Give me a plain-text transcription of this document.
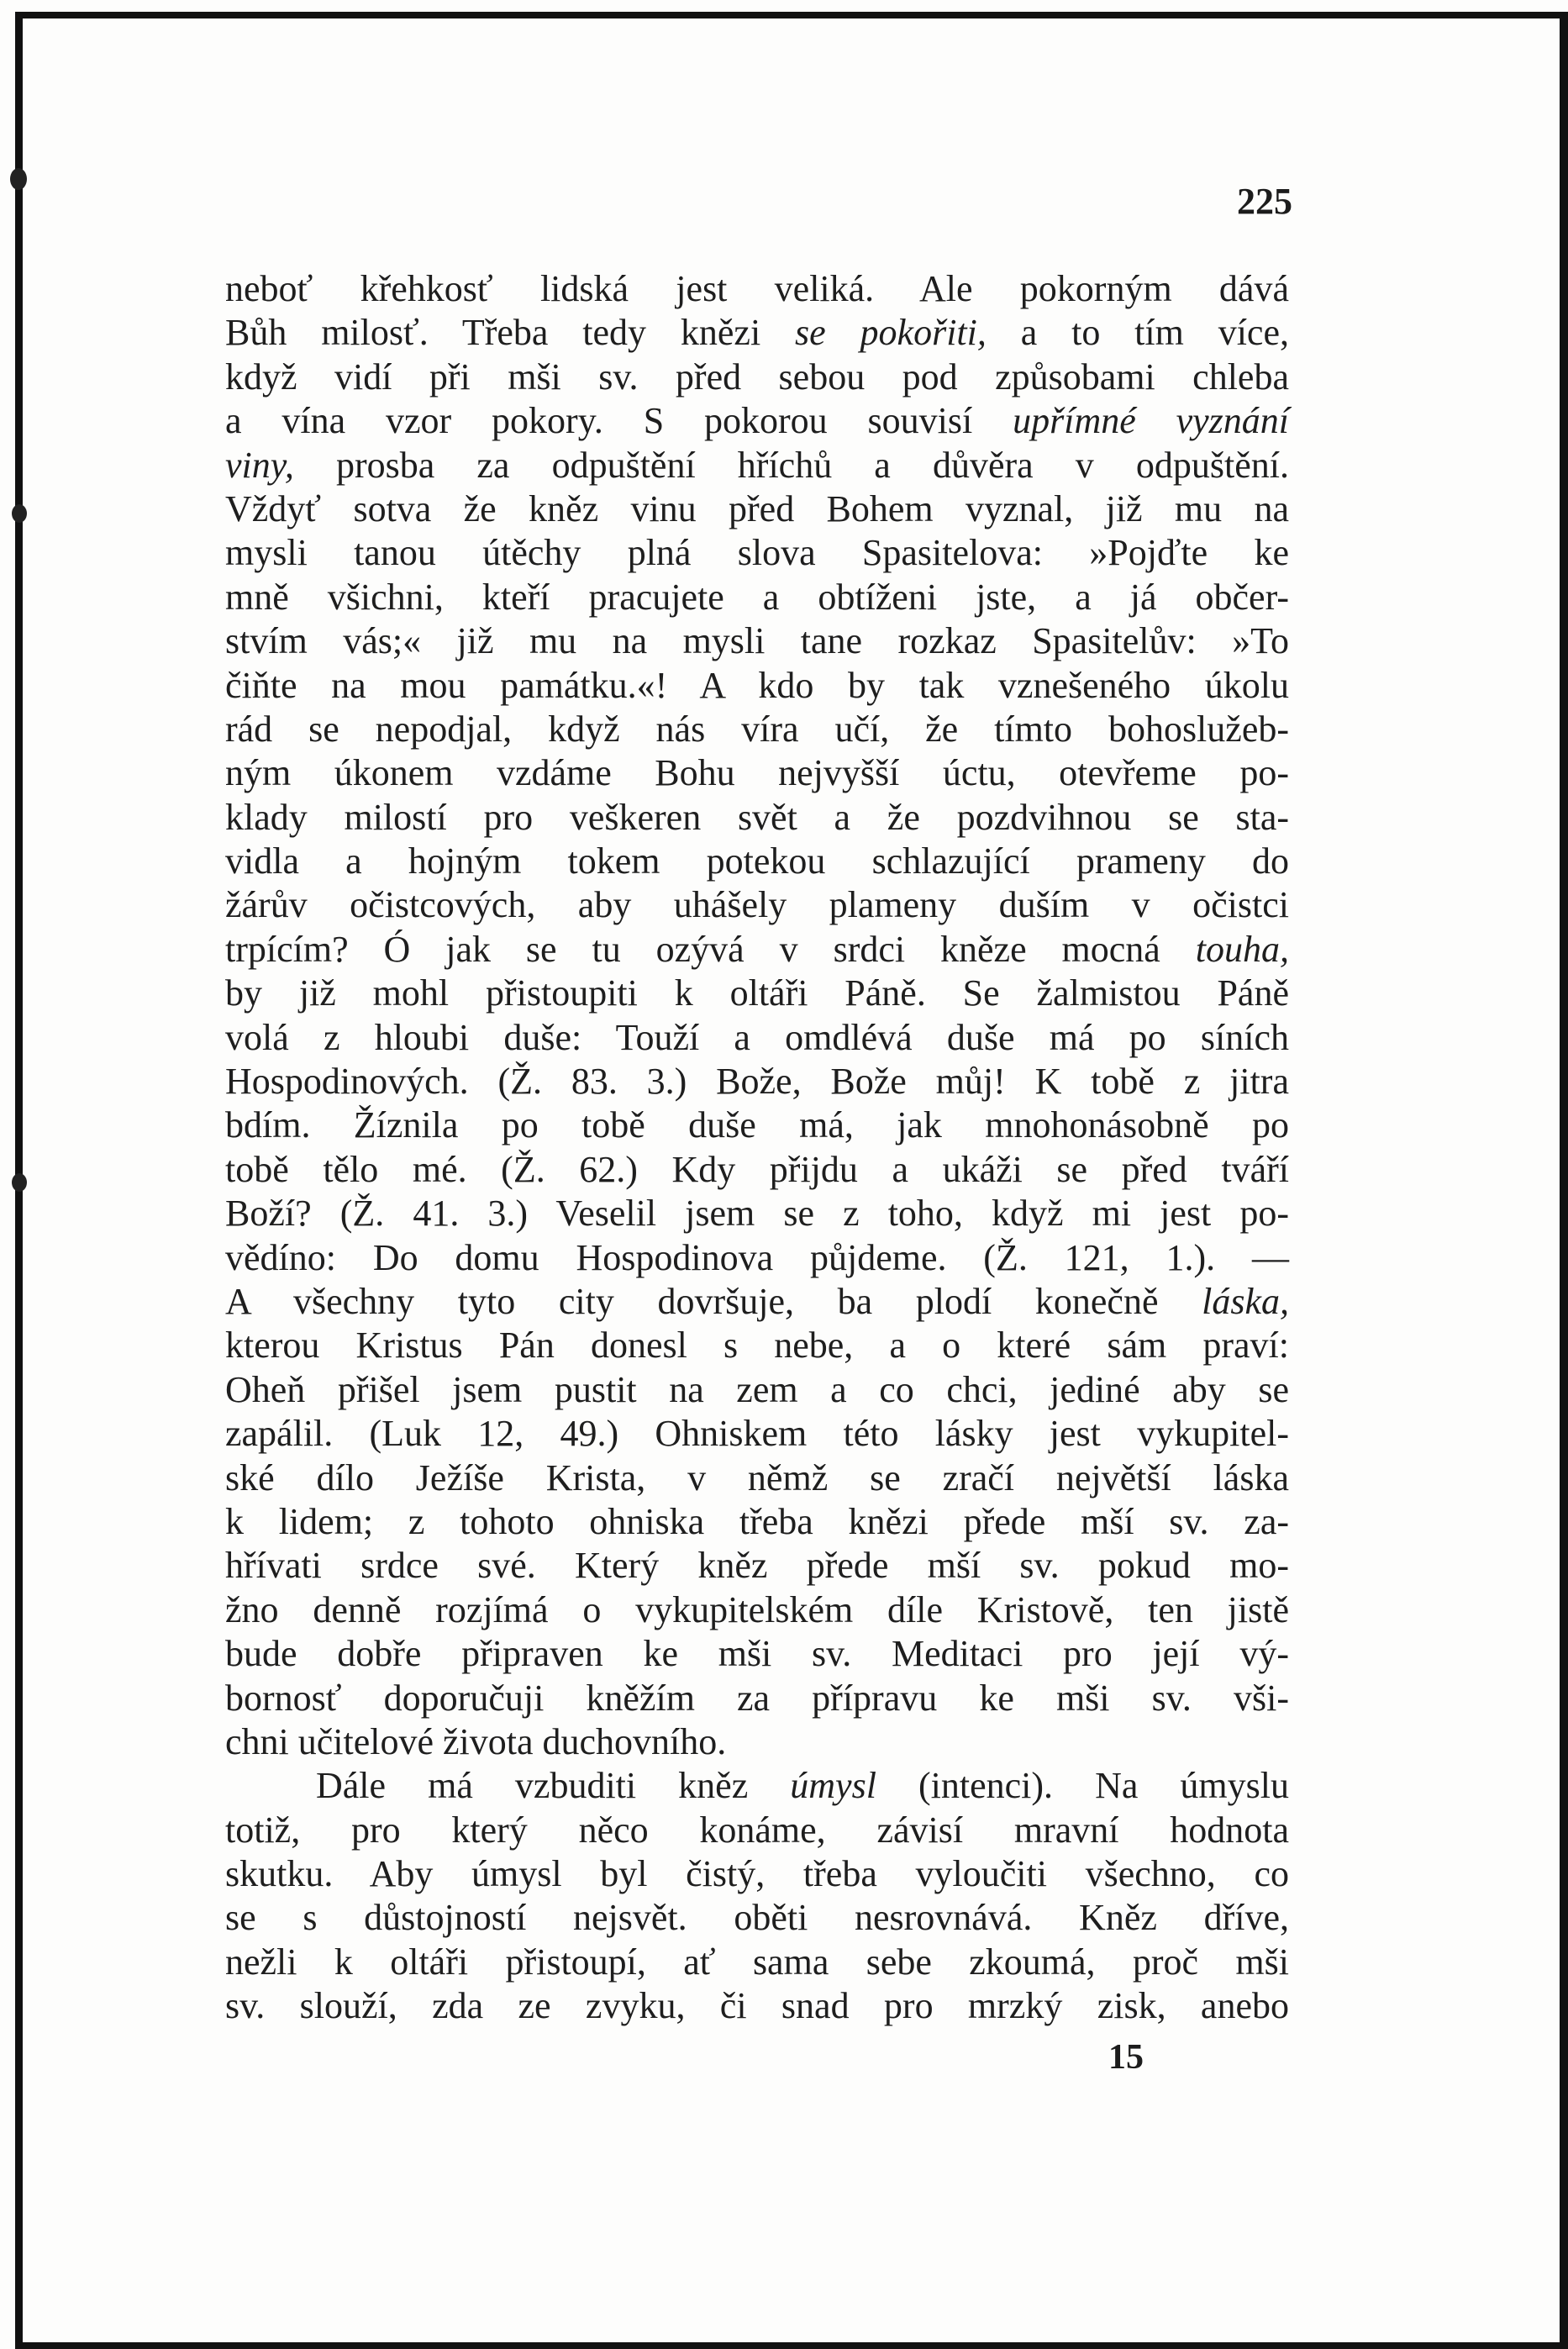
225
neboť křehkosť lidská jest veliká. Ale pokorným dává
Bůh milosť. Třeba tedy knězi se pokořiti, a to tím více,
když vidí při mši sv. před sebou pod způsobami chleba
a vína vzor pokory. S pokorou souvisí upřímné vyznání
viny, prosba za odpuštění hříchů a důvěra v odpuštění.
Vždyť sotva že kněz vinu před Bohem vyznal, již mu na
mysli tanou útěchy plná slova Spasitelova: »Pojďte ke
mně všichni, kteří pracujete a obtíženi jste, a já občer-
stvím vás;« již mu na mysli tane rozkaz Spasitelův: »To
čiňte na mou památku.«! A kdo by tak vznešeného úkolu
rád se nepodjal, když nás víra učí, že tímto bohoslužeb-
ným úkonem vzdáme Bohu nejvyšší úctu, otevřeme po-
klady milostí pro veškeren svět a že pozdvihnou se sta-
vidla a hojným tokem potekou schlazující prameny do
žárův očistcových, aby uhášely plameny duším v očistci
trpícím? Ó jak se tu ozývá v srdci kněze mocná touha,
by již mohl přistoupiti k oltáři Páně. Se žalmistou Páně
volá z hloubi duše: Touží a omdlévá duše má po síních
Hospodinových. (Ž. 83. 3.) Bože, Bože můj! K tobě z jitra
bdím. Žíznila po tobě duše má, jak mnohonásobně po
tobě tělo mé. (Ž. 62.) Kdy přijdu a ukáži se před tváří
Boží? (Ž. 41. 3.) Veselil jsem se z toho, když mi jest po-
vědíno: Do domu Hospodinova půjdeme. (Ž. 121, 1.). —
A všechny tyto city dovršuje, ba plodí konečně láska,
kterou Kristus Pán donesl s nebe, a o které sám praví:
Oheň přišel jsem pustit na zem a co chci, jediné aby se
zapálil. (Luk 12, 49.) Ohniskem této lásky jest vykupitel-
ské dílo Ježíše Krista, v němž se zračí největší láska
k lidem; z tohoto ohniska třeba knězi přede mší sv. za-
hřívati srdce své. Který kněz přede mší sv. pokud mo-
žno denně rozjímá o vykupitelském díle Kristově, ten jistě
bude dobře připraven ke mši sv. Meditaci pro její vý-
bornosť doporučuji kněžím za přípravu ke mši sv. vši-
chni učitelové života duchovního.
Dále má vzbuditi kněz úmysl (intenci). Na úmyslu
totiž, pro který něco konáme, závisí mravní hodnota
skutku. Aby úmysl byl čistý, třeba vyloučiti všechno, co
se s důstojností nejsvět. oběti nesrovnává. Kněz dříve,
nežli k oltáři přistoupí, ať sama sebe zkoumá, proč mši
sv. slouží, zda ze zvyku, či snad pro mrzký zisk, anebo
15
